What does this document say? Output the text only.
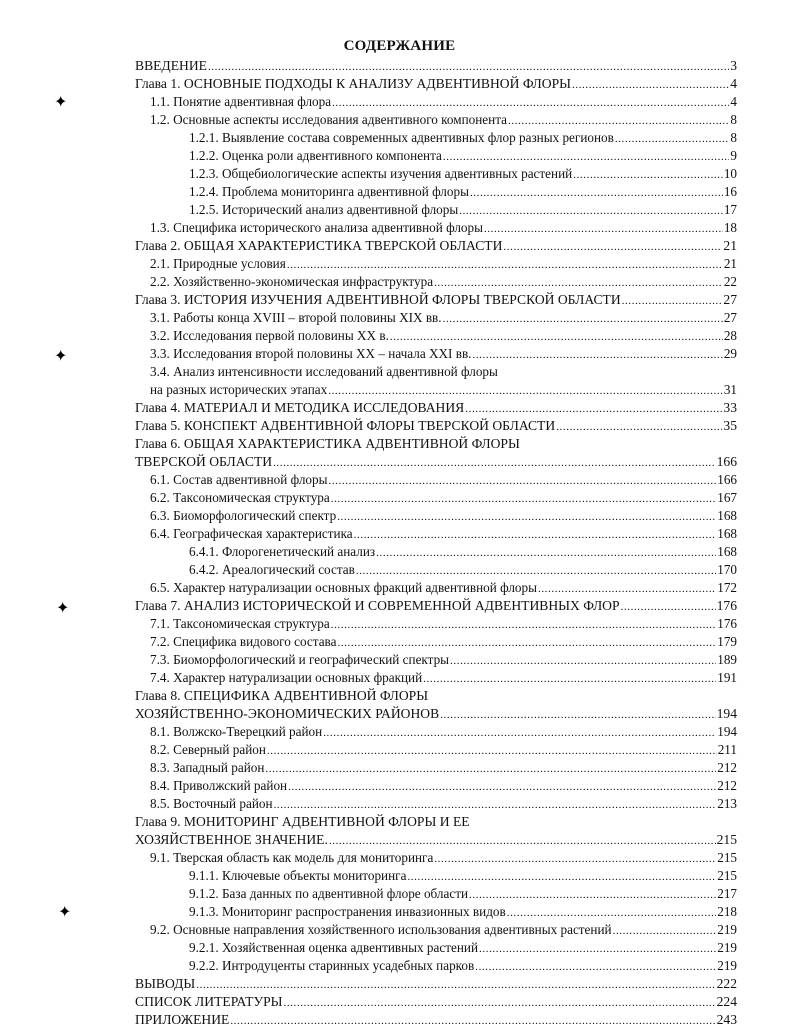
СОДЕРЖАНИЕ
ВВЕДЕНИЕ .....	3
Глава 1. ОСНОВНЫЕ ПОДХОДЫ К АНАЛИЗУ АДВЕНТИВНОЙ ФЛОРЫ .....	4
1.1. Понятие адвентивная флора .....	4
1.2. Основные аспекты исследования адвентивного компонента .....	8
1.2.1. Выявление состава современных адвентивных флор разных регионов .....	8
1.2.2. Оценка роли адвентивного компонента .....	9
1.2.3. Общебиологические аспекты изучения адвентивных растений .....	10
1.2.4. Проблема мониторинга адвентивной флоры .....	16
1.2.5. Исторический анализ адвентивной флоры .....	17
1.3. Специфика исторического анализа адвентивной флоры .....	18
Глава 2. ОБЩАЯ ХАРАКТЕРИСТИКА ТВЕРСКОЙ ОБЛАСТИ .....	21
2.1. Природные условия .....	21
2.2. Хозяйственно-экономическая инфраструктура .....	22
Глава 3. ИСТОРИЯ ИЗУЧЕНИЯ АДВЕНТИВНОЙ ФЛОРЫ ТВЕРСКОЙ ОБЛАСТИ .....	27
3.1. Работы конца XVIII – второй половины XIX вв. .....	27
3.2. Исследования первой половины XX в. .....	28
3.3. Исследования второй половины XX – начала XXI вв. .....	29
3.4. Анализ интенсивности исследований адвентивной флоры
на разных исторических этапах .....	31
Глава 4. МАТЕРИАЛ И МЕТОДИКА ИССЛЕДОВАНИЯ .....	33
Глава 5. КОНСПЕКТ АДВЕНТИВНОЙ ФЛОРЫ ТВЕРСКОЙ ОБЛАСТИ .....	35
Глава 6. ОБЩАЯ ХАРАКТЕРИСТИКА АДВЕНТИВНОЙ ФЛОРЫ
ТВЕРСКОЙ ОБЛАСТИ .....	166
6.1. Состав адвентивной флоры .....	166
6.2. Таксономическая структура .....	167
6.3. Биоморфологический спектр .....	168
6.4. Географическая характеристика .....	168
6.4.1. Флорогенетический анализ .....	168
6.4.2. Ареалогический состав .....	170
6.5. Характер натурализации основных фракций адвентивной флоры .....	172
Глава 7. АНАЛИЗ ИСТОРИЧЕСКОЙ И СОВРЕМЕННОЙ АДВЕНТИВНЫХ ФЛОР .....	176
7.1. Таксономическая структура .....	176
7.2. Специфика видового состава .....	179
7.3. Биоморфологический и географический спектры .....	189
7.4. Характер натурализации основных фракций .....	191
Глава 8. СПЕЦИФИКА АДВЕНТИВНОЙ ФЛОРЫ
ХОЗЯЙСТВЕННО-ЭКОНОМИЧЕСКИХ РАЙОНОВ .....	194
8.1. Волжско-Тверецкий район .....	194
8.2. Северный район .....	211
8.3. Западный район .....	212
8.4. Приволжский район .....	212
8.5. Восточный район .....	213
Глава 9. МОНИТОРИНГ АДВЕНТИВНОЙ ФЛОРЫ И ЕЕ
ХОЗЯЙСТВЕННОЕ ЗНАЧЕНИЕ. .....	215
9.1. Тверская область как модель для мониторинга .....	215
9.1.1. Ключевые объекты мониторинга .....	215
9.1.2. База данных по адвентивной флоре области .....	217
9.1.3. Мониторинг распространения инвазионных видов .....	218
9.2. Основные направления хозяйственного использования адвентивных растений .....	219
9.2.1. Хозяйственная оценка адвентивных растений .....	219
9.2.2. Интродуценты старинных усадебных парков .....	219
ВЫВОДЫ .....	222
СПИСОК ЛИТЕРАТУРЫ .....	224
ПРИЛОЖЕНИЕ .....	243
✦
✦
✦
✦
